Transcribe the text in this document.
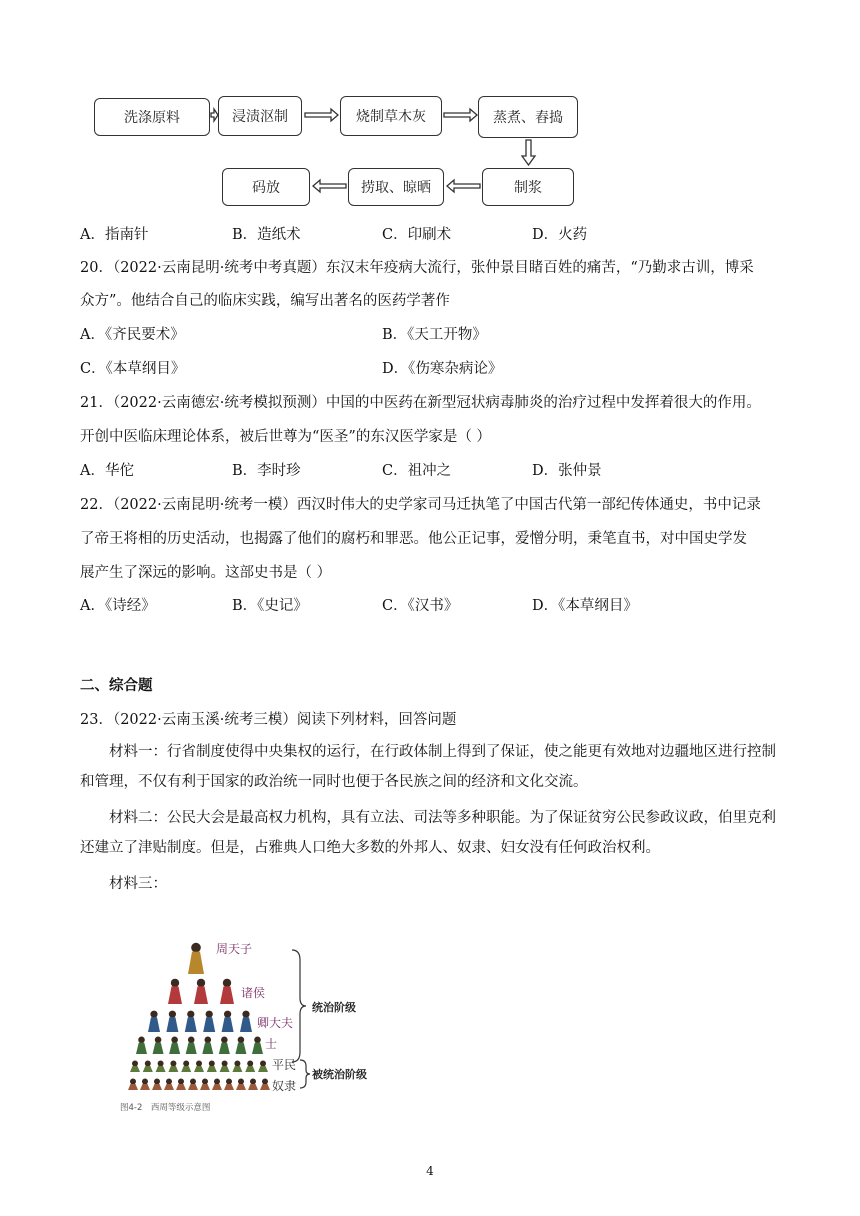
洗涤原料	浸渍沤制	烧制草木灰	蒸煮、舂捣
码放	捞取、晾晒	制浆
A．指南针	B．造纸术	C．印刷术	D．火药
20．（2022·云南昆明·统考中考真题）东汉末年疫病大流行，张仲景目睹百姓的痛苦，“乃勤求古训，博采
众方”。他结合自己的临床实践，编写出著名的医药学著作
A．《齐民要术》	B．《天工开物》
C．《本草纲目》	D．《伤寒杂病论》
21．（2022·云南德宏·统考模拟预测）中国的中医药在新型冠状病毒肺炎的治疗过程中发挥着很大的作用。
开创中医临床理论体系，被后世尊为“医圣”的东汉医学家是（ ）
A．华佗	B．李时珍	C．祖冲之	D．张仲景
22．（2022·云南昆明·统考一模）西汉时伟大的史学家司马迁执笔了中国古代第一部纪传体通史，书中记录
了帝王将相的历史活动，也揭露了他们的腐朽和罪恶。他公正记事，爱憎分明，秉笔直书，对中国史学发
展产生了深远的影响。这部史书是（ ）
A．《诗经》	B．《史记》	C．《汉书》	D．《本草纲目》
二、综合题
23．（2022·云南玉溪·统考三模）阅读下列材料，回答问题
材料一：行省制度使得中央集权的运行，在行政体制上得到了保证，使之能更有效地对边疆地区进行控制和管理，不仅有利于国家的政治统一同时也便于各民族之间的经济和文化交流。
材料二：公民大会是最高权力机构，具有立法、司法等多种职能。为了保证贫穷公民参政议政，伯里克利还建立了津贴制度。但是，占雅典人口绝大多数的外邦人、奴隶、妇女没有任何政治权利。
材料三：
周天子
诸侯
卿大夫
士
平民
奴隶
统治阶级
被统治阶级
图4-2　西周等级示意图
4
